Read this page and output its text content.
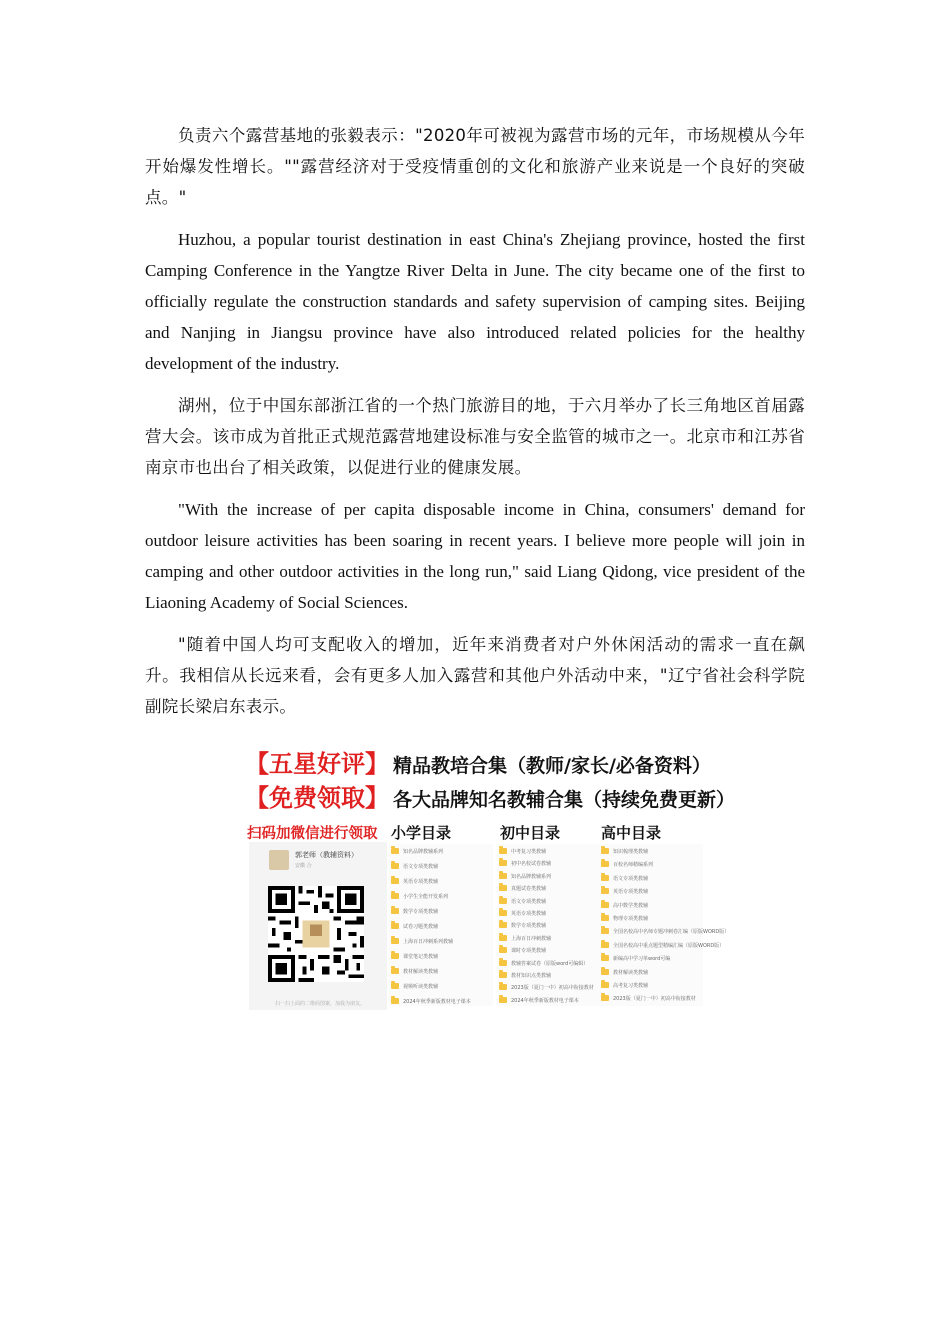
负责六个露营基地的张毅表示："2020年可被视为露营市场的元年，市场规模从今年开始爆发性增长。""露营经济对于受疫情重创的文化和旅游产业来说是一个良好的突破点。"

Huzhou, a popular tourist destination in east China's Zhejiang province, hosted the first Camping Conference in the Yangtze River Delta in June. The city became one of the first to officially regulate the construction standards and safety supervision of camping sites. Beijing and Nanjing in Jiangsu province have also introduced related policies for the healthy development of the industry.

湖州，位于中国东部浙江省的一个热门旅游目的地，于六月举办了长三角地区首届露营大会。该市成为首批正式规范露营地建设标准与安全监管的城市之一。北京市和江苏省南京市也出台了相关政策，以促进行业的健康发展。

"With the increase of per capita disposable income in China, consumers' demand for outdoor leisure activities has been soaring in recent years. I believe more people will join in camping and other outdoor activities in the long run," said Liang Qidong, vice president of the Liaoning Academy of Social Sciences.

"随着中国人均可支配收入的增加，近年来消费者对户外休闲活动的需求一直在飙升。我相信从长远来看，会有更多人加入露营和其他户外活动中来，"辽宁省社会科学院副院长梁启东表示。

【五星好评】 精品教培合集（教师/家长/必备资料）
【免费领取】 各大品牌知名教辅合集（持续免费更新）
扫码加微信进行领取 小学目录	初中目录	高中目录
郭老师（教辅资料）
安徽 合
扫一扫上面的二维码图案，加我为朋友。
知名品牌教辅系列
语文专项类教辅
英语专项类教辅
小学生全能开发系列
数学专项类教辅
试卷习题类教辅
上海百日冲刺系列教辅
课堂笔记类教辅
教材解读类教辅
视频听读类教辅
2024年秋季新版教材电子课本
中考复习类教辅
初中名校试卷教辅
知名品牌教辅系列
真题试卷类教辅
语文专项类教辅
英语专项类教辅
数学专项类教辅
上海百日冲刺教辅
课时专项类教辅
教辅答案试卷（原版word可编辑）
教材知识点类教辅
2023版（夏门一中）初高中衔接教材
2024年秋季新版教材电子课本
知识梳理类教辅
百校名师精编系列
语文专项类教辅
英语专项类教辅
高中数学类教辅
物理专项类教辅
全国名校高中名师专题冲刺卷汇编（原版WORD版）
全国名校高中重点题型精编汇编（原版WORD版）
新编高中学习单word可编
教材解读类教辅
高考复习类教辅
2023版（夏门一中）初高中衔接教材
